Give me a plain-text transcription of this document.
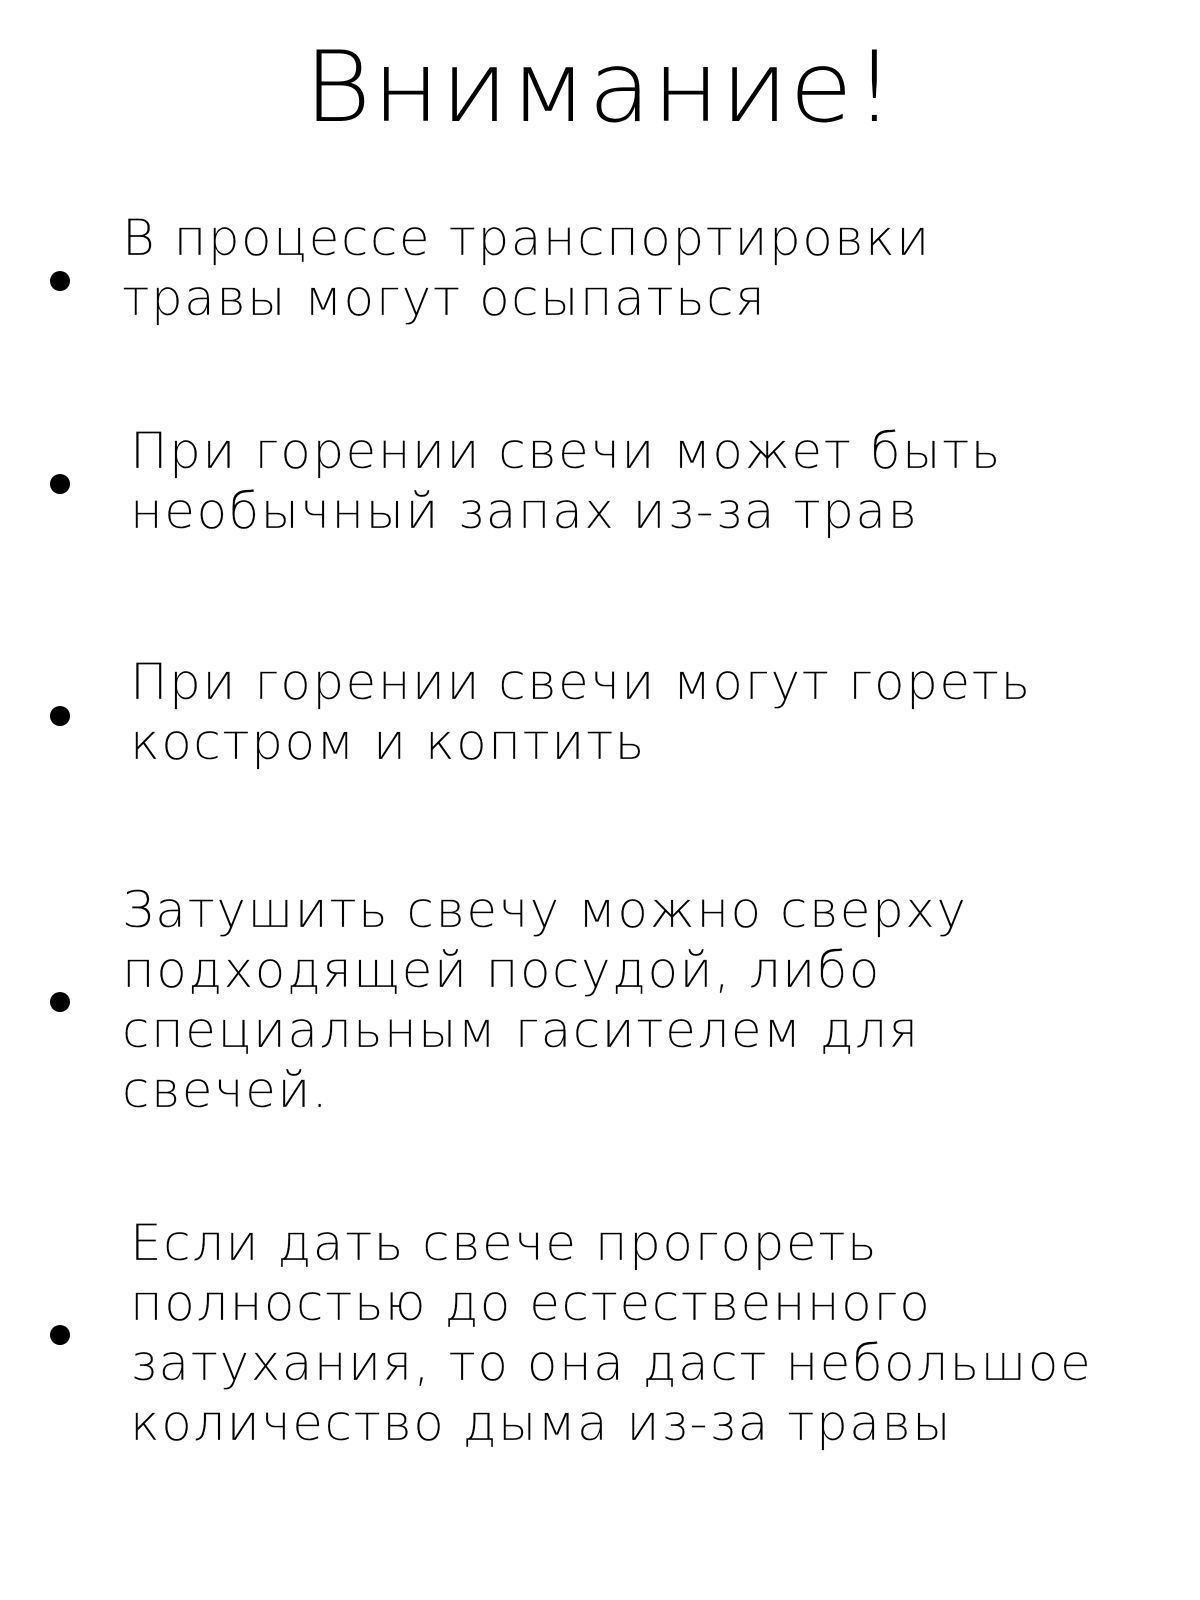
Внимание!
В процессе транспортировки
травы могут осыпаться
При горении свечи может быть
необычный запах из-за трав
При горении свечи могут гореть
костром и коптить
Затушить свечу можно сверху
подходящей посудой, либо
специальным гасителем для
свечей.
Если дать свече прогореть
полностью до естественного
затухания, то она даст небольшое
количество дыма из-за травы
